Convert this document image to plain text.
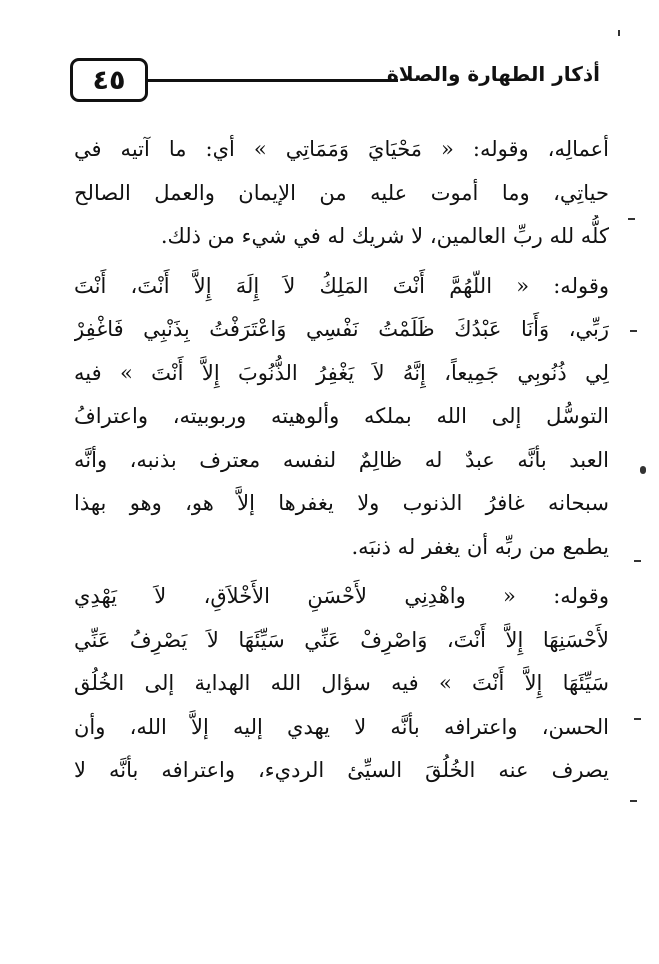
٤٥	أذكار الطهارة والصلاة

أعمالِه، وقوله: « مَحْيَايَ وَمَمَاتِي » أي: ما آتيه في
حياتِي، وما أموت عليه من الإيمان والعمل الصالح
كلُّه لله ربِّ العالمين، لا شريك له في شيء من ذلك.

وقوله: « اللّهُمَّ أَنْتَ المَلِكُ لاَ إِلَهَ إِلاَّ أَنْتَ، أَنْتَ
رَبِّي، وَأَنَا عَبْدُكَ ظَلَمْتُ نَفْسِي وَاعْتَرَفْتُ بِذَنْبِي فَاغْفِرْ
لِي ذُنُوبِي جَمِيعاً، إِنَّهُ لاَ يَغْفِرُ الذُّنُوبَ إِلاَّ أَنْتَ » فيه
التوسُّل إلى الله بملكه وألوهيته وربوبيته، واعترافُ
العبد بأنَّه عبدٌ له ظالِمٌ لنفسه معترف بذنبه، وأنَّه
سبحانه غافرُ الذنوب ولا يغفرها إلاَّ هو، وهو بهذا
يطمع من ربِّه أن يغفر له ذنبَه.

وقوله: « واهْدِنِي لأَحْسَنِ الأَخْلاَقِ، لاَ يَهْدِي
لأَحْسَنِهَا إِلاَّ أَنْتَ، وَاصْرِفْ عَنِّي سَيِّئَهَا لاَ يَصْرِفُ عَنِّي
سَيِّئَهَا إِلاَّ أَنْتَ » فيه سؤال الله الهداية إلى الخُلُق
الحسن، واعترافه بأنَّه لا يهدي إليه إلاَّ الله، وأن
يصرف عنه الخُلُقَ السيِّئ الرديء، واعترافه بأنَّه لا
